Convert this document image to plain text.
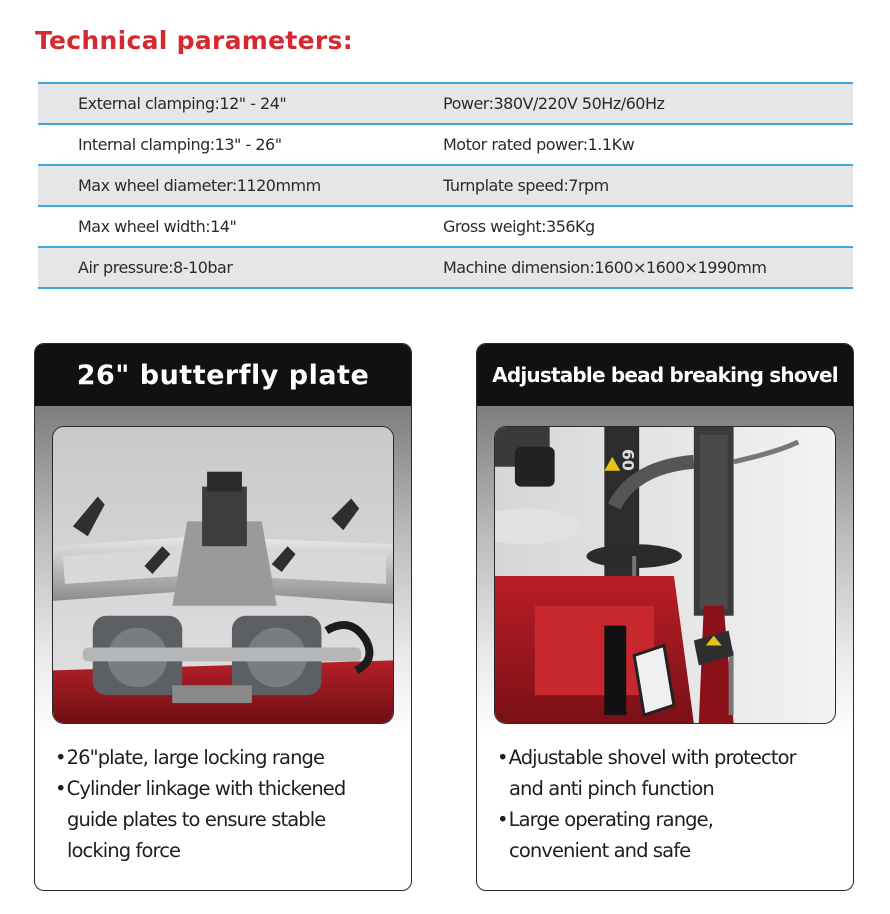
Technical parameters:
External clamping:12" - 24"	Power:380V/220V 50Hz/60Hz
Internal clamping:13" - 26"	Motor rated power:1.1Kw
Max wheel diameter:1120mmm	Turnplate speed:7rpm
Max wheel width:14"	Gross weight:356Kg
Air pressure:8-10bar	Machine dimension:1600×1600×1990mm
26" butterfly plate
•26"plate, large locking range
•Cylinder linkage with thickened
guide plates to ensure stable
locking force
Adjustable bead breaking shovel
60
•Adjustable shovel with protector
and anti pinch function
•Large operating range,
convenient and safe
